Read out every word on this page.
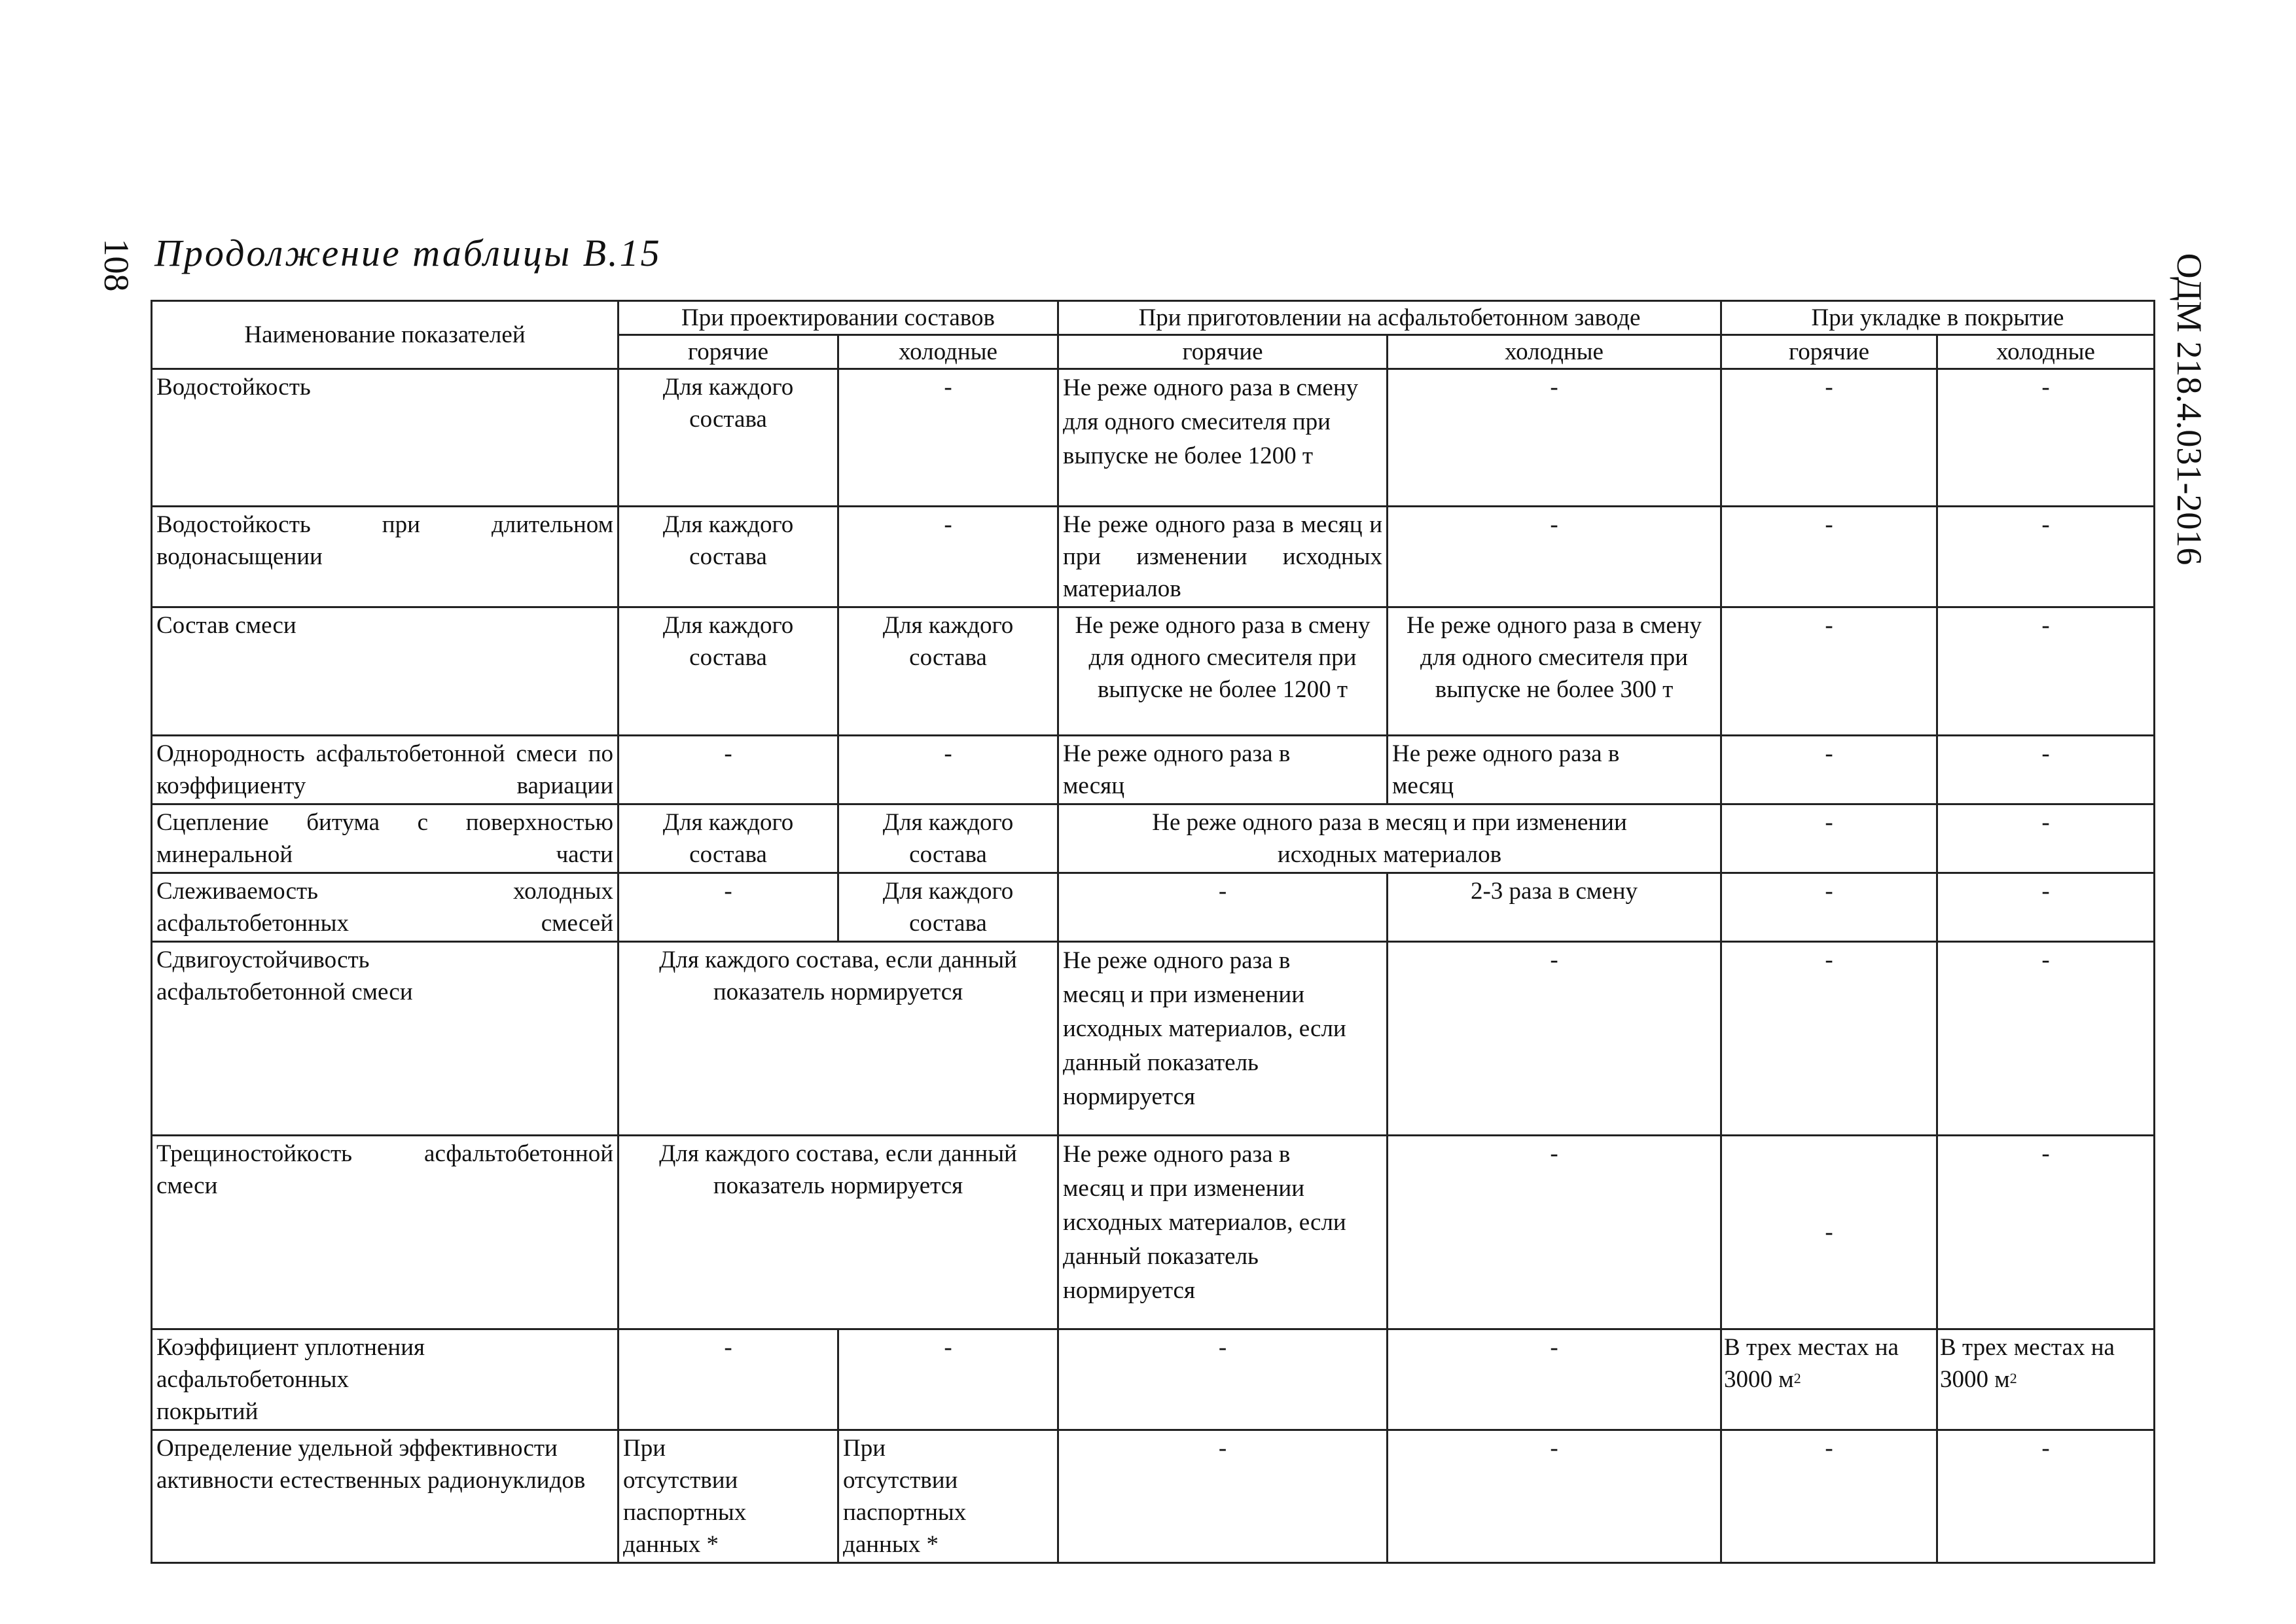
108	ОДМ 218.4.031-2016
Продолжение таблицы В.15
Наименование показателей	При проектировании составов		При приготовлении на асфальтобетонном заводе		При укладке в покрытие	
	горячие	холодные	горячие	холодные	горячие	холодные
Водостойкость	Для каждого состава	-	Не реже одного раза в смену для одного смесителя при выпуске не более 1200 т	-	-	-
Водостойкость при длительном водонасыщении	Для каждого состава	-	Не реже одного раза в месяц и при изменении исходных материалов	-	-	-
Состав смеси	Для каждого состава	Для каждого состава	Не реже одного раза в смену для одного смесителя при выпуске не более 1200 т	Не реже одного раза в смену для одного смесителя при выпуске не более 300 т	-	-
Однородность асфальтобетонной смеси по коэффициенту вариации	-	-	Не реже одного раза в месяц	Не реже одного раза в месяц	-	-
Сцепление битума с поверхностью минеральной части	Для каждого состава	Для каждого состава	Не реже одного раза в месяц и при изменении исходных материалов		-	-
Слеживаемость холодных асфальтобетонных смесей	-	Для каждого состава	-	2-3 раза в смену	-	-
Сдвигоустойчивость асфальтобетонной смеси	Для каждого состава, если данный показатель нормируется		Не реже одного раза в месяц и при изменении исходных материалов, если данный показатель нормируется	-	-	-
Трещиностойкость асфальтобетонной смеси	Для каждого состава, если данный показатель нормируется		Не реже одного раза в месяц и при изменении исходных материалов, если данный показатель нормируется	-	-	-
Коэффициент уплотнения асфальтобетонных покрытий	-	-	-	-	В трех местах на 3000 $м^2$	В трех местах на 3000 $м^2$
Определение удельной эффективности активности естественных радионуклидов	При отсутствии паспортных данных *	При отсутствии паспортных данных *	-	-	-	-
